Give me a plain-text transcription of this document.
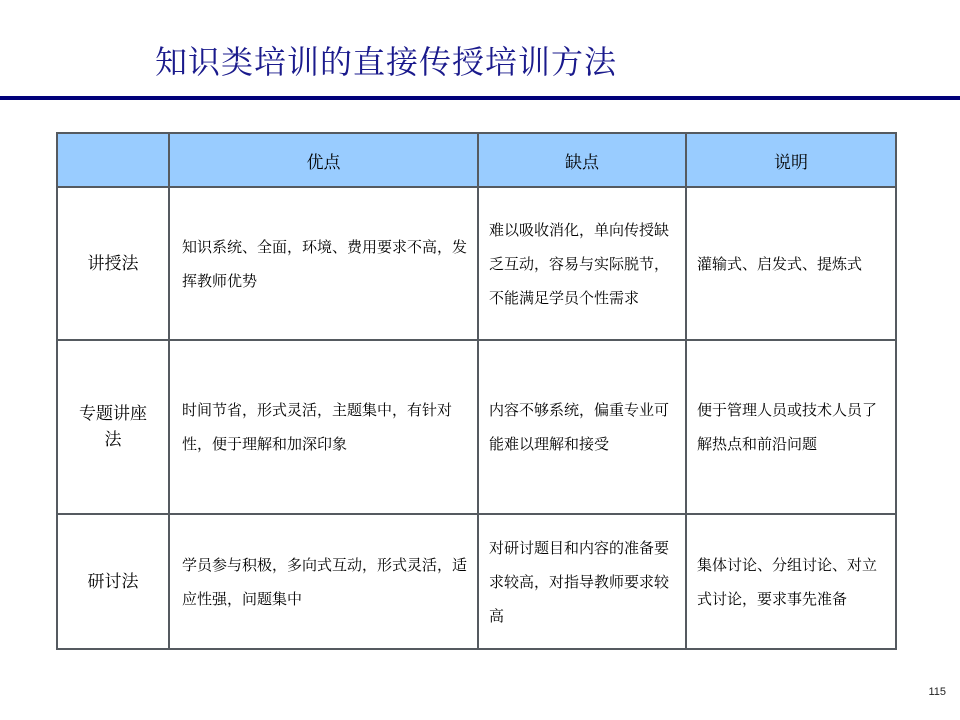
知识类培训的直接传授培训方法
	优点	缺点	说明
讲授法	知识系统、全面，环境、费用要求不高，发挥教师优势	难以吸收消化，单向传授缺乏互动，容易与实际脱节，不能满足学员个性需求	灌输式、启发式、提炼式
专题讲座法	时间节省，形式灵活，主题集中，有针对性，便于理解和加深印象	内容不够系统，偏重专业可能难以理解和接受	便于管理人员或技术人员了解热点和前沿问题
研讨法	学员参与积极，多向式互动，形式灵活，适应性强，问题集中	对研讨题目和内容的准备要求较高，对指导教师要求较高	集体讨论、分组讨论、对立式讨论，要求事先准备
115
